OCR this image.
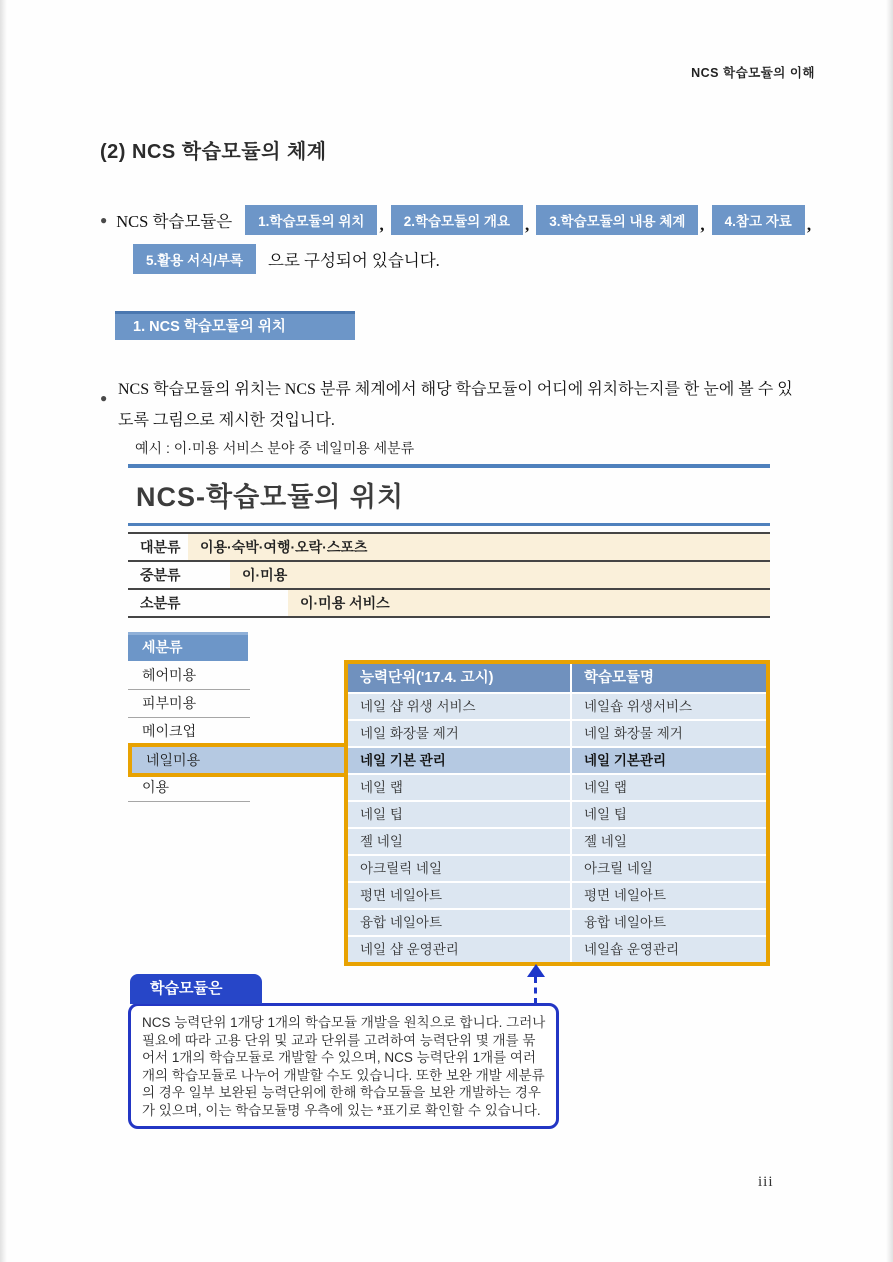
NCS 학습모듈의 이해
(2) NCS 학습모듈의 체계
● NCS 학습모듈은	1.학습모듈의 위치 ,	2.학습모듈의 개요 ,	3.학습모듈의 내용 체계 ,	4.참고 자료 ,
5.활용 서식/부록	으로 구성되어 있습니다.
1. NCS 학습모듈의 위치
● NCS 학습모듈의 위치는 NCS 분류 체계에서 해당 학습모듈이 어디에 위치하는지를 한 눈에 볼 수 있도록 그림으로 제시한 것입니다.
예시 : 이·미용 서비스 분야 중 네일미용 세분류
NCS-학습모듈의 위치
대분류 이용·숙박·여행·오락·스포츠
중분류	이·미용
소분류	이·미용 서비스
세분류
헤어미용
피부미용
메이크업
네일미용
이용
능력단위('17.4. 고시)	학습모듈명
네일 샵 위생 서비스	네일숍 위생서비스
네일 화장물 제거	네일 화장물 제거
네일 기본 관리	네일 기본관리
네일 랩	네일 랩
네일 팁	네일 팁
젤 네일	젤 네일
아크릴릭 네일	아크릴 네일
평면 네일아트	평면 네일아트
융합 네일아트	융합 네일아트
네일 샵 운영관리	네일숍 운영관리
학습모듈은
NCS 능력단위 1개당 1개의 학습모듈 개발을 원칙으로 합니다. 그러나 필요에 따라 고용 단위 및 교과 단위를 고려하여 능력단위 몇 개를 묶어서 1개의 학습모듈로 개발할 수 있으며, NCS 능력단위 1개를 여러 개의 학습모듈로 나누어 개발할 수도 있습니다. 또한 보완 개발 세분류의 경우 일부 보완된 능력단위에 한해 학습모듈을 보완 개발하는 경우가 있으며, 이는 학습모듈명 우측에 있는 *표기로 확인할 수 있습니다.
iii
